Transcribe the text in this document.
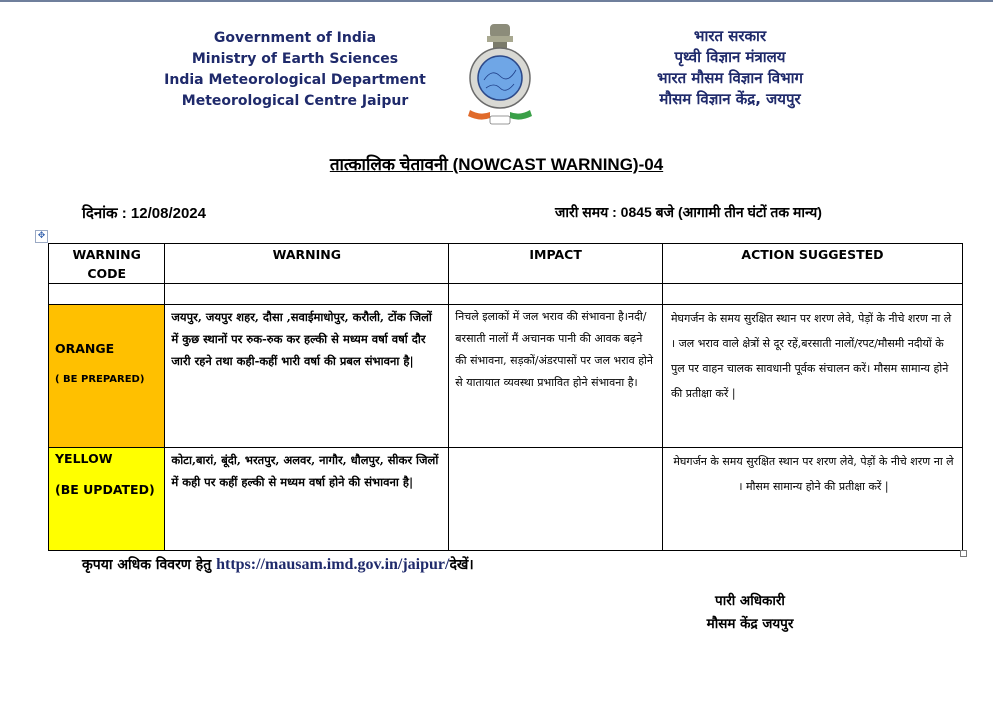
Government of India
Ministry of Earth Sciences
India Meteorological Department
Meteorological Centre Jaipur
भारत सरकार
पृथ्वी विज्ञान मंत्रालय
भारत मौसम विज्ञान विभाग
मौसम विज्ञान केंद्र, जयपुर
तात्कालिक चेतावनी (NOWCAST WARNING)-04
दिनांक : 12/08/2024	जारी समय : 0845 बजे (आगामी तीन घंटों तक मान्य)
✥
WARNING
CODE	WARNING	IMPACT	ACTION SUGGESTED

ORANGE
( BE PREPARED)	जयपुर, जयपुर शहर, दौसा ,सवाईमाधोपुर, करौली, टोंक जिलों में कुछ स्थानों पर रुक-रुक कर हल्की से मध्यम वर्षा वर्षा दौर जारी रहने तथा कही-कहीं भारी वर्षा की प्रबल संभावना है|	निचले इलाकों में जल भराव की संभावना है।नदी/बरसाती नालों मैं अचानक पानी की आवक बढ़ने की संभावना, सड़कों/अंडरपासों पर जल भराव होने से यातायात व्यवस्था प्रभावित होने संभावना है।	मेघगर्जन के समय सुरक्षित स्थान पर शरण लेवे, पेड़ों के नीचे शरण ना ले । जल भराव वाले क्षेत्रों से दूर रहें,बरसाती नालों/रपट/मौसमी नदीयों के पुल पर वाहन चालक सावधानी पूर्वक संचालन करें। मौसम सामान्य होने की प्रतीक्षा करें |

YELLOW
(BE UPDATED)	कोटा,बारां, बूंदी, भरतपुर, अलवर, नागौर, धौलपुर, सीकर जिलों में कही पर कहीं हल्की से मध्यम वर्षा होने की संभावना है|		मेघगर्जन के समय सुरक्षित स्थान पर शरण लेवे, पेड़ों के नीचे शरण ना ले । मौसम सामान्य होने की प्रतीक्षा करें |
कृपया अधिक विवरण हेतु https://mausam.imd.gov.in/jaipur/देखें।
पारी अधिकारी
मौसम केंद्र जयपुर
